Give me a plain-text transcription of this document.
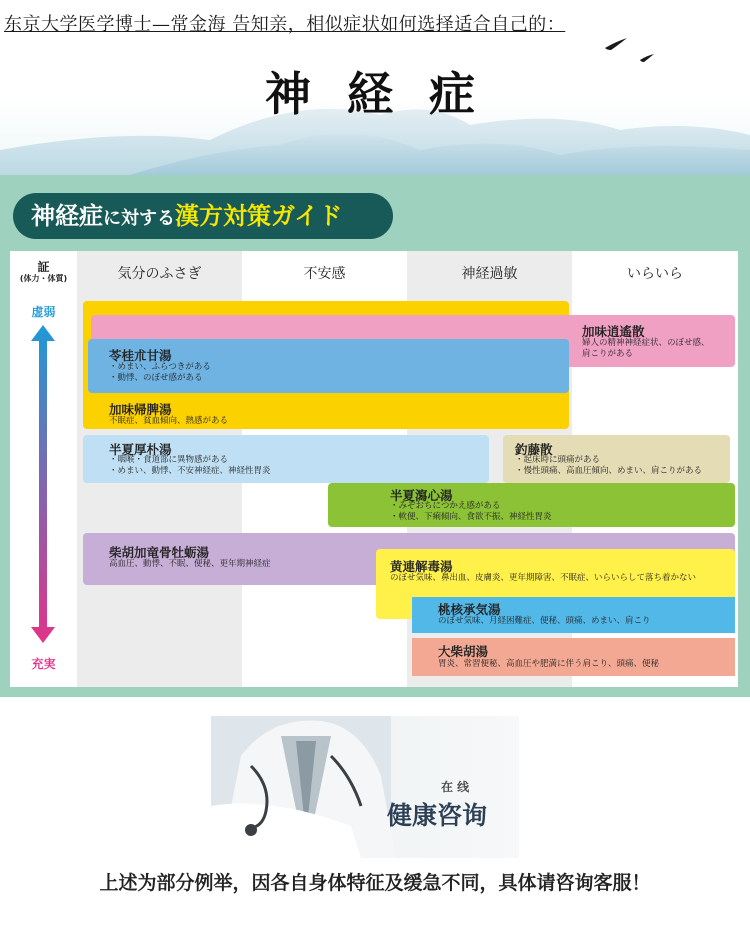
东京大学医学博士—常金海 告知亲，相似症状如何选择适合自己的：
神 経 症
神経症に対する漢方対策ガイド
証
(体力・体質)	気分のふさぎ	不安感	神経過敏	いらいら
虚弱
充実
加味帰脾湯
不眠症、貧血傾向、熱感がある
加味逍遙散
婦人の精神神経症状、のぼせ感、
肩こりがある
苓桂朮甘湯
・めまい、ふらつきがある
・動悸、のぼせ感がある
半夏厚朴湯
・咽喉・食道部に異物感がある
・めまい、動悸、不安神経症、神経性胃炎
半夏瀉心湯
・みぞおちにつかえ感がある
・軟便、下痢傾向、食欲不振、神経性胃炎
釣藤散
・起床時に頭痛がある
・慢性頭痛、高血圧傾向、めまい、肩こりがある
柴胡加竜骨牡蛎湯
高血圧、動悸、不眠、便秘、更年期神経症	黄連解毒湯
のぼせ気味、鼻出血、皮膚炎、更年期障害、不眠症、いらいらして落ち着かない
桃核承気湯
のぼせ気味、月経困難症、便秘、頭痛、めまい、肩こり
大柴胡湯
胃炎、常習便秘、高血圧や肥満に伴う肩こり、頭痛、便秘
在 线
健康咨询
上述为部分例举，因各自身体特征及缓急不同，具体请咨询客服！
